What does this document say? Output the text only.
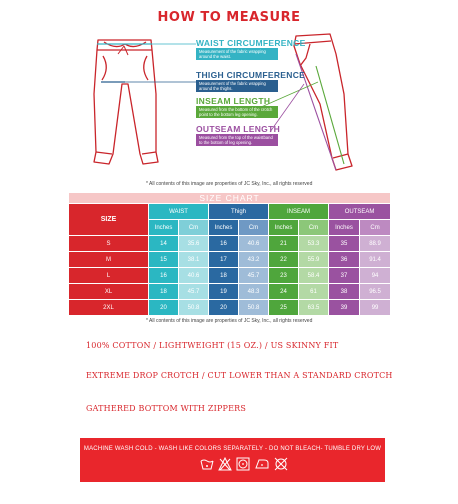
HOW TO MEASURE
WAIST CIRCUMFERENCE
Measurement of the fabric wrapping around the waist.
THIGH CIRCUMFERENCE
Measurement of the fabric wrapping around the thighs.
INSEAM LENGTH
Measured from the bottom of the crotch point to the bottom leg opening.
OUTSEAM LENGTH
Measured from the top of the waistband to the bottom of leg opening.
* All contents of this image are properties of JC Sky, Inc., all rights reserved
SIZE CHART								
SIZE	WAIST		Thigh		INSEAM		OUTSEAM	
	Inches	Cm	Inches	Cm	Inches	Cm	Inches	Cm
S	14	35.6	16	40.6	21	53.3	35	88.9
M	15	38.1	17	43.2	22	55.9	36	91.4
L	16	40.6	18	45.7	23	58.4	37	94
XL	18	45.7	19	48.3	24	61	38	96.5
2XL	20	50.8	20	50.8	25	63.5	39	99
* All contents of this image are properties of JC Sky, Inc., all rights reserved
100% COTTON / LIGHTWEIGHT (15 OZ.) / US SKINNY FIT
EXTREME DROP CROTCH / CUT LOWER THAN A STANDARD CROTCH
GATHERED BOTTOM WITH ZIPPERS
MACHINE WASH COLD - WASH LIKE COLORS SEPARATELY - DO NOT BLEACH- TUMBLE DRY LOW
